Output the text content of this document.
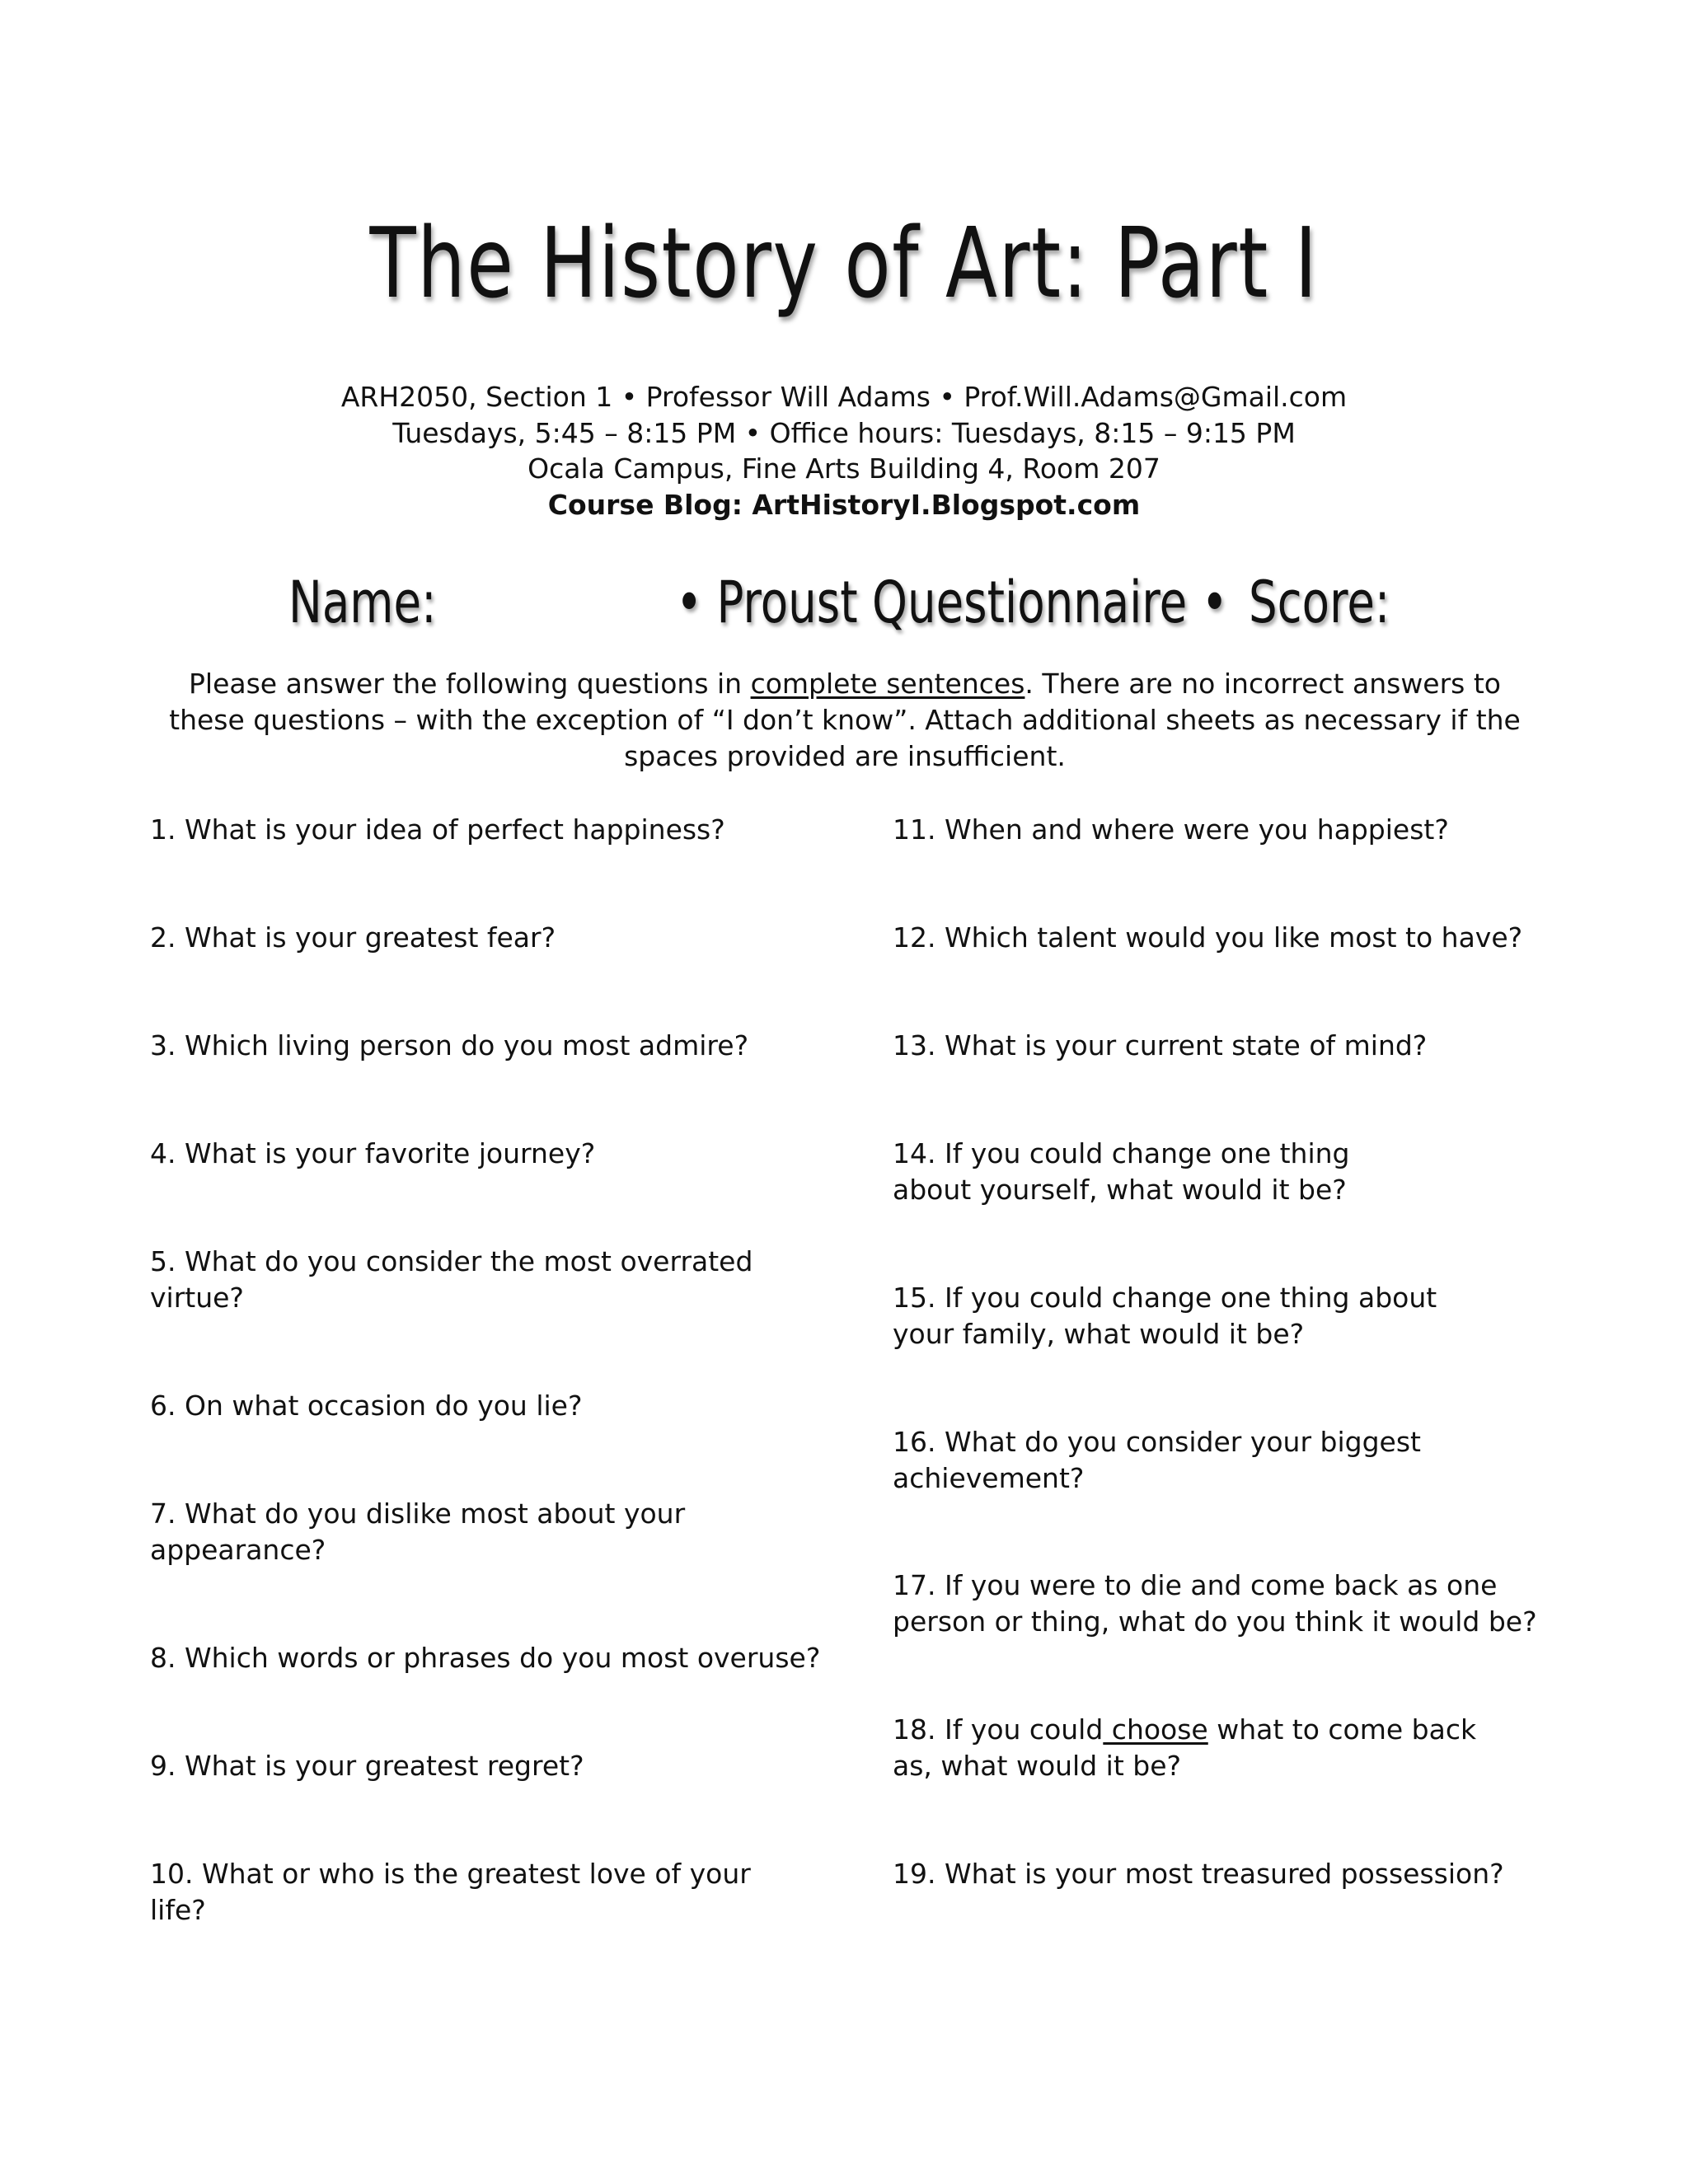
The History of Art: Part I
ARH2050, Section 1 • Professor Will Adams • Prof.Will.Adams@Gmail.com
Tuesdays, 5:45 – 8:15 PM • Office hours: Tuesdays, 8:15 – 9:15 PM
Ocala Campus, Fine Arts Building 4, Room 207
Course Blog: ArtHistoryI.Blogspot.com
Name:	• Proust Questionnaire • Score:
Please answer the following questions in complete sentences. There are no incorrect answers to these questions – with the exception of “I don’t know”. Attach additional sheets as necessary if the spaces provided are insufficient.
1. What is your idea of perfect happiness?
2. What is your greatest fear?
3. Which living person do you most admire?
4. What is your favorite journey?
5. What do you consider the most overrated virtue?
6. On what occasion do you lie?
7. What do you dislike most about your appearance?
8. Which words or phrases do you most overuse?
9. What is your greatest regret?
10. What or who is the greatest love of your life?
11. When and where were you happiest?
12. Which talent would you like most to have?
13. What is your current state of mind?
14. If you could change one thing about yourself, what would it be?
15. If you could change one thing about your family, what would it be?
16. What do you consider your biggest achievement?
17. If you were to die and come back as one person or thing, what do you think it would be?
18. If you could choose what to come back as, what would it be?
19. What is your most treasured possession?
